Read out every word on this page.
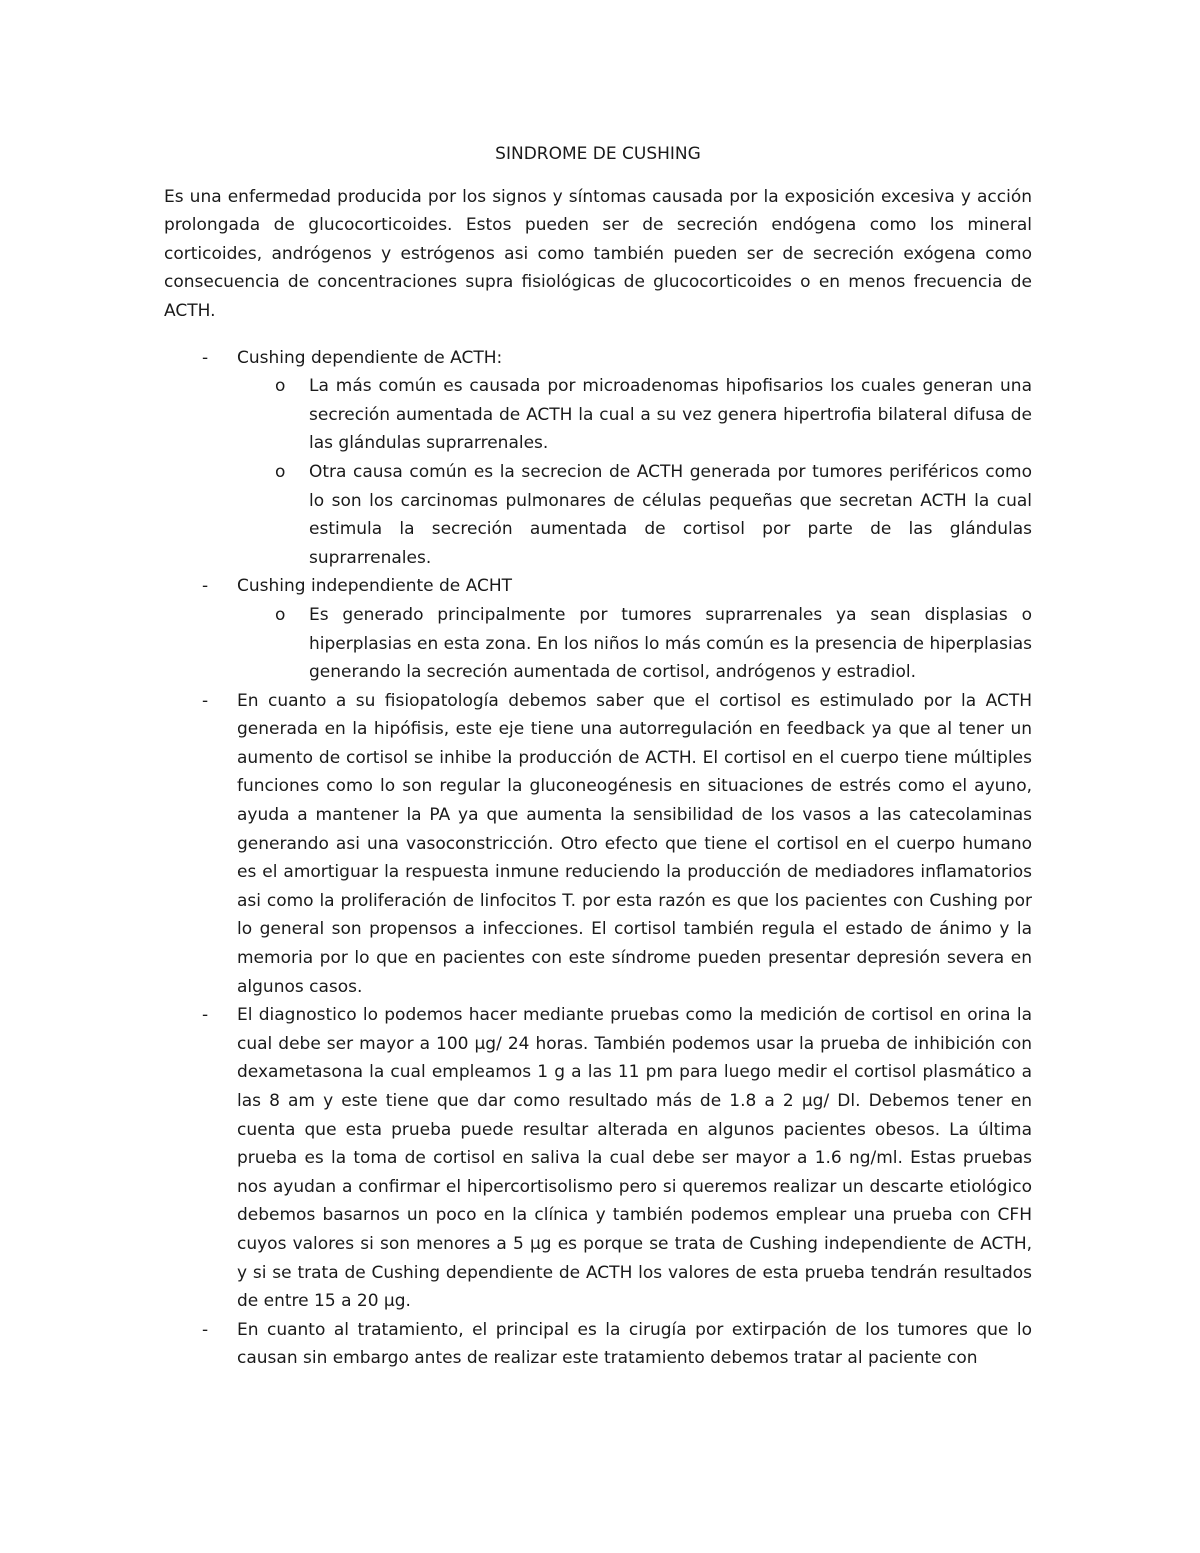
SINDROME DE CUSHING
Es una enfermedad producida por los signos y síntomas causada por la exposición excesiva y acción prolongada de glucocorticoides. Estos pueden ser de secreción endógena como los mineral corticoides, andrógenos y estrógenos asi como también pueden ser de secreción exógena como consecuencia de concentraciones supra fisiológicas de glucocorticoides o en menos frecuencia de ACTH.
- Cushing dependiente de ACTH:
o La más común es causada por microadenomas hipofisarios los cuales generan una secreción aumentada de ACTH la cual a su vez genera hipertrofia bilateral difusa de las glándulas suprarrenales.
o Otra causa común es la secrecion de ACTH generada por tumores periféricos como lo son los carcinomas pulmonares de células pequeñas que secretan ACTH la cual estimula la secreción aumentada de cortisol por parte de las glándulas suprarrenales.
- Cushing independiente de ACHT
o Es generado principalmente por tumores suprarrenales ya sean displasias o hiperplasias en esta zona. En los niños lo más común es la presencia de hiperplasias generando la secreción aumentada de cortisol, andrógenos y estradiol.
- En cuanto a su fisiopatología debemos saber que el cortisol es estimulado por la ACTH generada en la hipófisis, este eje tiene una autorregulación en feedback ya que al tener un aumento de cortisol se inhibe la producción de ACTH. El cortisol en el cuerpo tiene múltiples funciones como lo son regular la gluconeogénesis en situaciones de estrés como el ayuno, ayuda a mantener la PA ya que aumenta la sensibilidad de los vasos a las catecolaminas generando asi una vasoconstricción. Otro efecto que tiene el cortisol en el cuerpo humano es el amortiguar la respuesta inmune reduciendo la producción de mediadores inflamatorios asi como la proliferación de linfocitos T. por esta razón es que los pacientes con Cushing por lo general son propensos a infecciones. El cortisol también regula el estado de ánimo y la memoria por lo que en pacientes con este síndrome pueden presentar depresión severa en algunos casos.
- El diagnostico lo podemos hacer mediante pruebas como la medición de cortisol en orina la cual debe ser mayor a 100 µg/ 24 horas. También podemos usar la prueba de inhibición con dexametasona la cual empleamos 1 g a las 11 pm para luego medir el cortisol plasmático a las 8 am y este tiene que dar como resultado más de 1.8 a 2 µg/ Dl. Debemos tener en cuenta que esta prueba puede resultar alterada en algunos pacientes obesos. La última prueba es la toma de cortisol en saliva la cual debe ser mayor a 1.6 ng/ml. Estas pruebas nos ayudan a confirmar el hipercortisolismo pero si queremos realizar un descarte etiológico debemos basarnos un poco en la clínica y también podemos emplear una prueba con CFH cuyos valores si son menores a 5 µg es porque se trata de Cushing independiente de ACTH, y si se trata de Cushing dependiente de ACTH los valores de esta prueba tendrán resultados de entre 15 a 20 µg.
- En cuanto al tratamiento, el principal es la cirugía por extirpación de los tumores que lo causan sin embargo antes de realizar este tratamiento debemos tratar al paciente con
